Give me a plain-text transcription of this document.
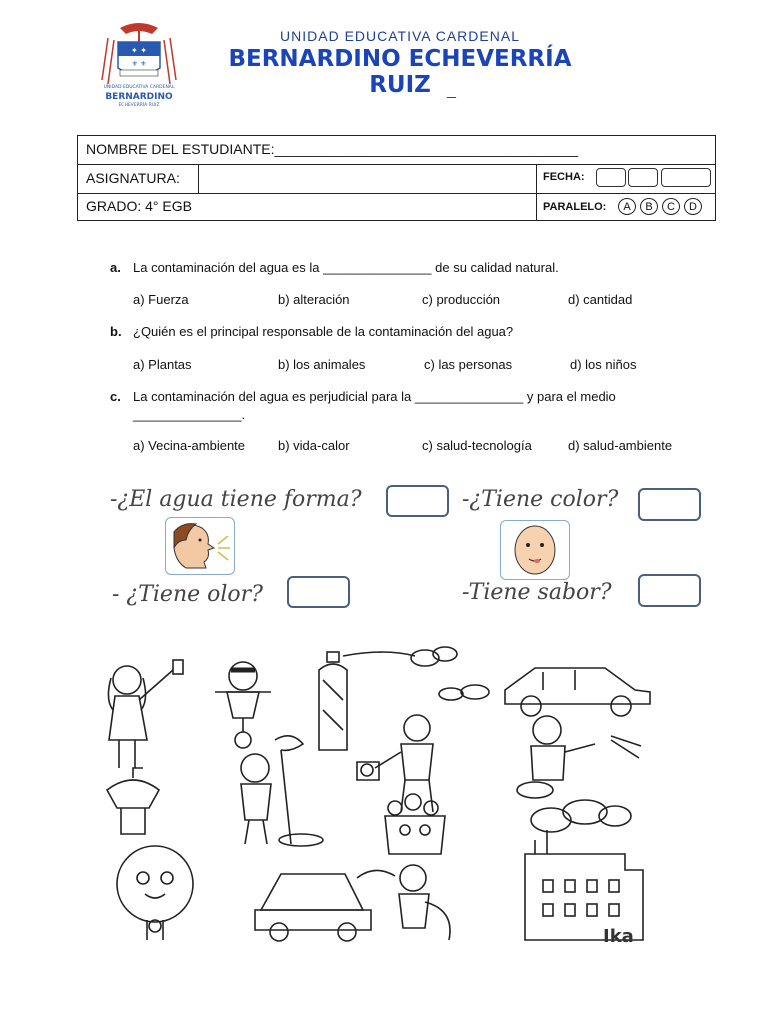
✦ ✦
⚜ ⚜
UNIDAD EDUCATIVA CARDENAL
BERNARDINO
ECHEVERRÍA RUIZ
UNIDAD EDUCATIVA CARDENAL
BERNARDINO ECHEVERRÍA RUIZ	_
NOMBRE DEL ESTUDIANTE:_______________________________________
ASIGNATURA:	FECHA:
GRADO: 4° EGB	PARALELO:	A	B	C	D
a. La contaminación del agua es la _______________ de su calidad natural.
a) Fuerza	b) alteración	c) producción	d) cantidad
b. ¿Quién es el principal responsable de la contaminación del agua?
a) Plantas	b) los animales	c) las personas	d) los niños
c. La contaminación del agua es perjudicial para la _______________ y para el medio
_______________.
a) Vecina-ambiente	b) vida-calor	c) salud-tecnología	d) salud-ambiente
-¿El agua tiene forma?	-¿Tiene color?
- ¿Tiene olor?	-Tiene sabor?
Ika
